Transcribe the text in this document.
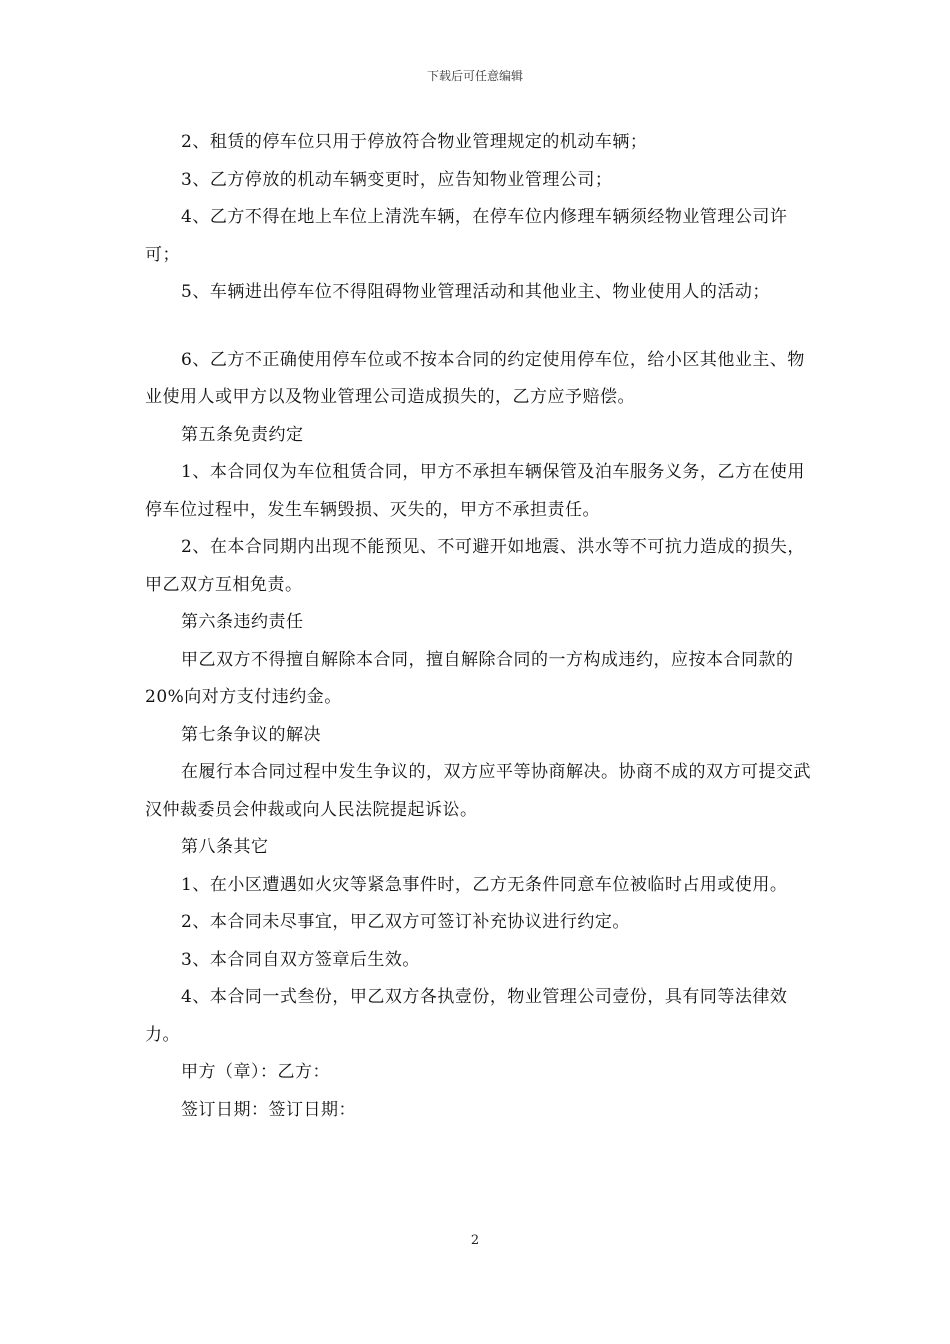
下载后可任意编辑

2、租赁的停车位只用于停放符合物业管理规定的机动车辆；

3、乙方停放的机动车辆变更时，应告知物业管理公司；

4、乙方不得在地上车位上清洗车辆，在停车位内修理车辆须经物业管理公司许可；

5、车辆进出停车位不得阻碍物业管理活动和其他业主、物业使用人的活动；

6、乙方不正确使用停车位或不按本合同的约定使用停车位，给小区其他业主、物业使用人或甲方以及物业管理公司造成损失的，乙方应予赔偿。

第五条免责约定

1、本合同仅为车位租赁合同，甲方不承担车辆保管及泊车服务义务，乙方在使用停车位过程中，发生车辆毁损、灭失的，甲方不承担责任。

2、在本合同期内出现不能预见、不可避开如地震、洪水等不可抗力造成的损失，甲乙双方互相免责。

第六条违约责任

甲乙双方不得擅自解除本合同，擅自解除合同的一方构成违约，应按本合同款的20%向对方支付违约金。

第七条争议的解决

在履行本合同过程中发生争议的，双方应平等协商解决。协商不成的双方可提交武汉仲裁委员会仲裁或向人民法院提起诉讼。

第八条其它

1、在小区遭遇如火灾等紧急事件时，乙方无条件同意车位被临时占用或使用。

2、本合同未尽事宜，甲乙双方可签订补充协议进行约定。

3、本合同自双方签章后生效。

4、本合同一式叁份，甲乙双方各执壹份，物业管理公司壹份，具有同等法律效力。

甲方（章）：乙方：

签订日期：签订日期：

2
